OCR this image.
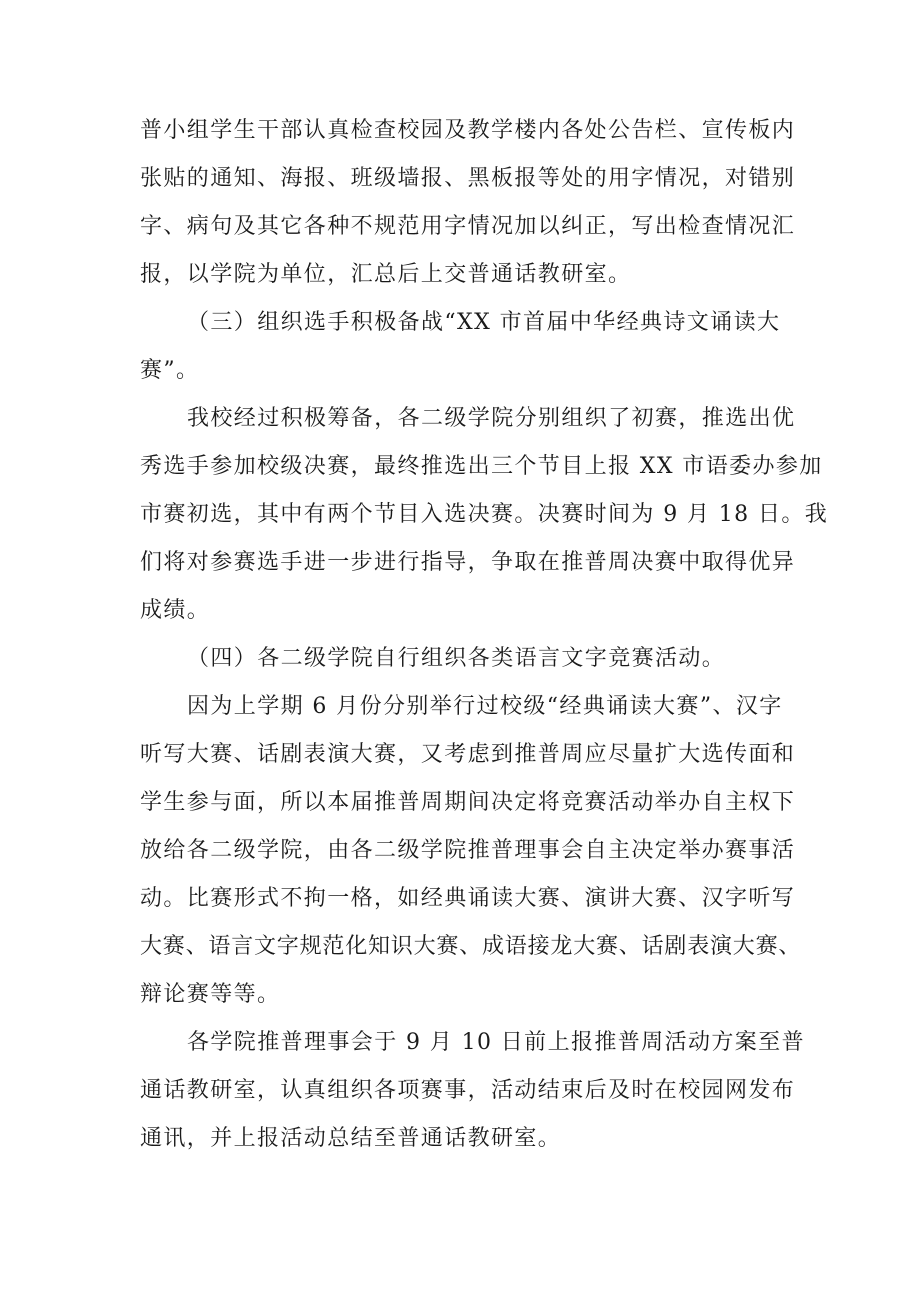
普小组学生干部认真检查校园及教学楼内各处公告栏、宣传板内
张贴的通知、海报、班级墙报、黑板报等处的用字情况，对错别
字、病句及其它各种不规范用字情况加以纠正，写出检查情况汇
报，以学院为单位，汇总后上交普通话教研室。
（三）组织选手积极备战“XX 市首届中华经典诗文诵读大
赛”。
我校经过积极筹备，各二级学院分别组织了初赛，推选出优
秀选手参加校级决赛，最终推选出三个节目上报 XX 市语委办参加
市赛初选，其中有两个节目入选决赛。决赛时间为 9 月 18 日。我
们将对参赛选手进一步进行指导，争取在推普周决赛中取得优异
成绩。
（四）各二级学院自行组织各类语言文字竞赛活动。
因为上学期 6 月份分别举行过校级“经典诵读大赛”、汉字
听写大赛、话剧表演大赛，又考虑到推普周应尽量扩大选传面和
学生参与面，所以本届推普周期间决定将竞赛活动举办自主权下
放给各二级学院，由各二级学院推普理事会自主决定举办赛事活
动。比赛形式不拘一格，如经典诵读大赛、演讲大赛、汉字听写
大赛、语言文字规范化知识大赛、成语接龙大赛、话剧表演大赛、
辩论赛等等。
各学院推普理事会于 9 月 10 日前上报推普周活动方案至普
通话教研室，认真组织各项赛事，活动结束后及时在校园网发布
通讯，并上报活动总结至普通话教研室。
